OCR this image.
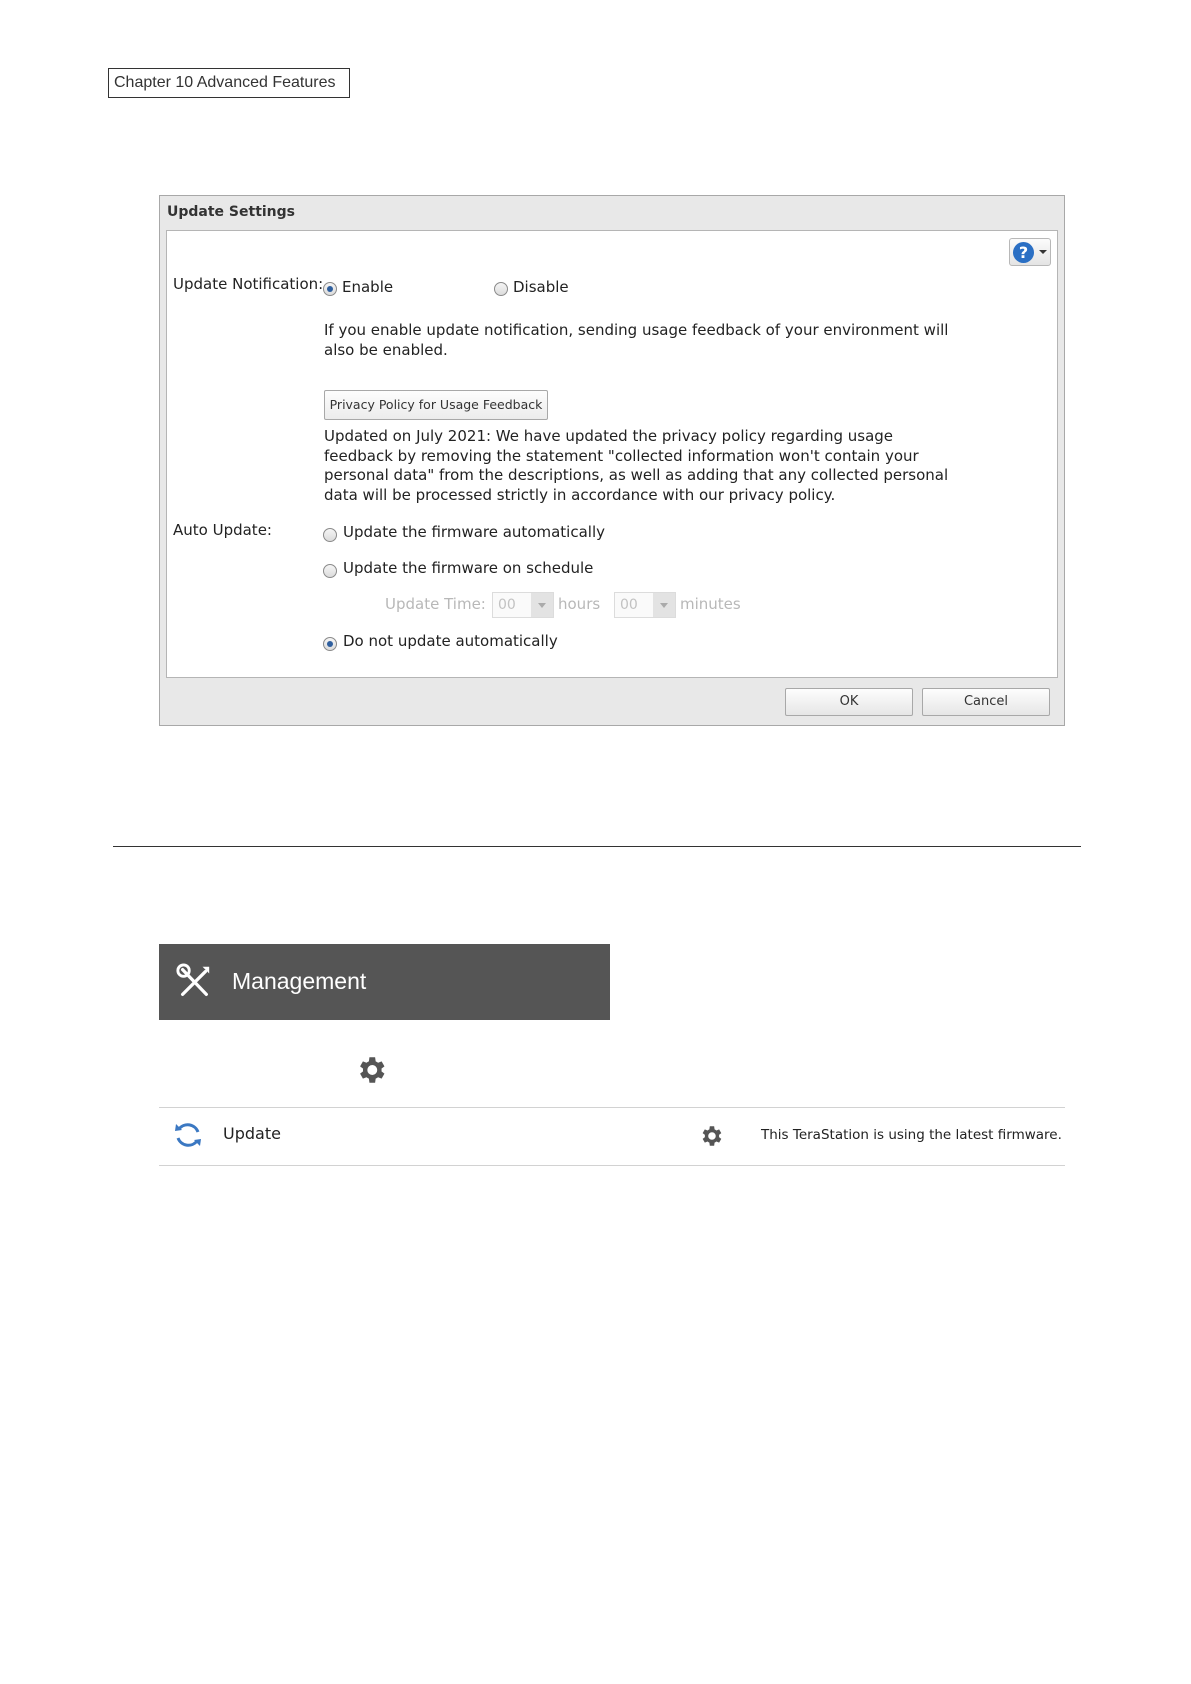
Chapter 10 Advanced Features
Update Settings
?
Update Notification: Enable	Disable
If you enable update notification, sending usage feedback of your environment will also be enabled.
Privacy Policy for Usage Feedback
Updated on July 2021: We have updated the privacy policy regarding usage feedback by removing the statement "collected information won't contain your personal data" from the descriptions, as well as adding that any collected personal data will be processed strictly in accordance with our privacy policy.
Auto Update:	Update the firmware automatically
Update the firmware on schedule
Update Time: 00	hours 00	minutes
Do not update automatically
OK	Cancel
Management
Update	This TeraStation is using the latest firmware.
